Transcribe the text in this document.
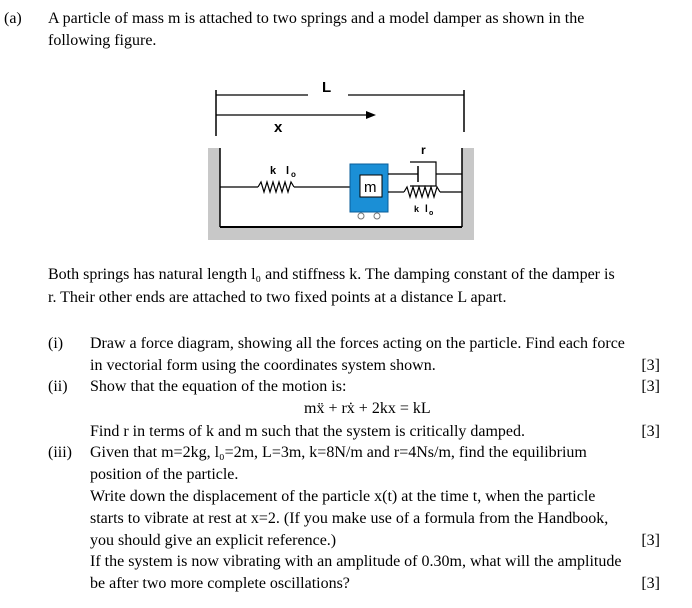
(a) A particle of mass m is attached to two springs and a model damper as shown in the
following figure.
L
x
k l o
m
k l o
r
Both springs has natural length l₀ and stiffness k. The damping constant of the damper is
r. Their other ends are attached to two fixed points at a distance L apart.
(i) Draw a force diagram, showing all the forces acting on the particle. Find each force
in vectorial form using the coordinates system shown.	[3]
(ii) Show that the equation of the motion is:	[3]
mẍ + rẋ + 2kx = kL
Find r in terms of k and m such that the system is critically damped.	[3]
(iii) Given that m=2kg, l₀=2m, L=3m, k=8N/m and r=4Ns/m, find the equilibrium
position of the particle.
Write down the displacement of the particle x(t) at the time t, when the particle
starts to vibrate at rest at x=2. (If you make use of a formula from the Handbook,
you should give an explicit reference.)	[3]
If the system is now vibrating with an amplitude of 0.30m, what will the amplitude
be after two more complete oscillations?	[3]
